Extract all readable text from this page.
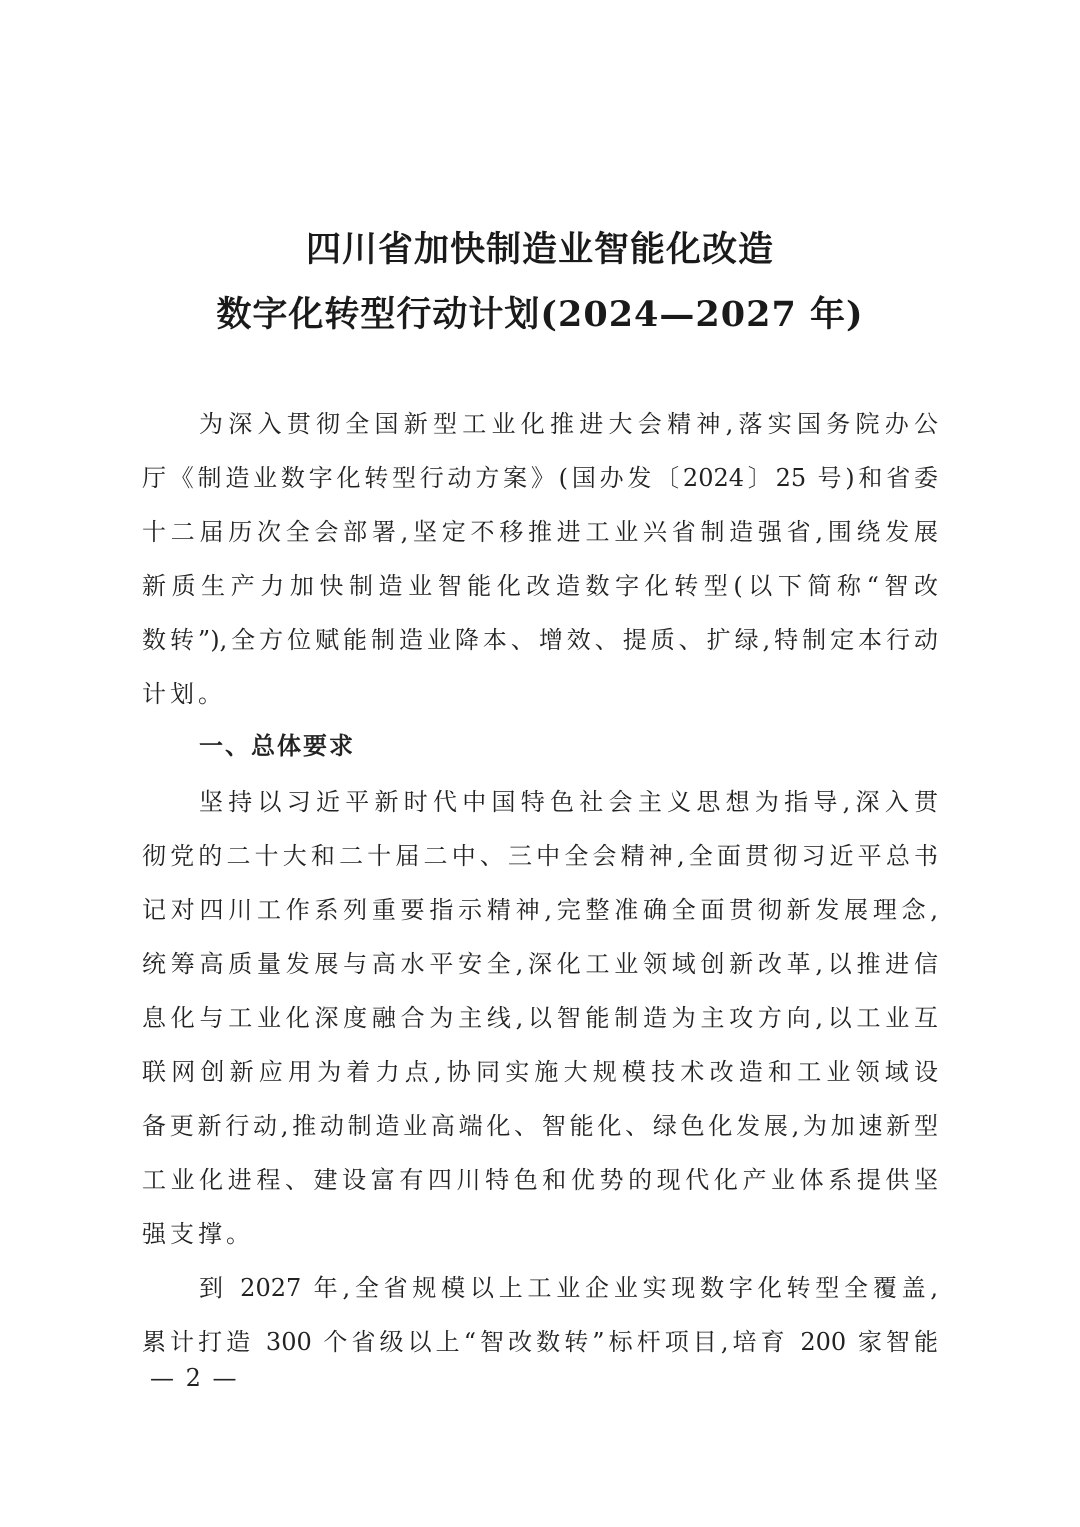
四川省加快制造业智能化改造
数字化转型行动计划(2024—2027 年)
为深入贯彻全国新型工业化推进大会精神,落实国务院办公
厅《制造业数字化转型行动方案》(国办发〔2024〕25 号)和省委
十二届历次全会部署,坚定不移推进工业兴省制造强省,围绕发展
新质生产力加快制造业智能化改造数字化转型(以下简称“智改
数转”),全方位赋能制造业降本、增效、提质、扩绿,特制定本行动
计划。
一、总体要求
坚持以习近平新时代中国特色社会主义思想为指导,深入贯
彻党的二十大和二十届二中、三中全会精神,全面贯彻习近平总书
记对四川工作系列重要指示精神,完整准确全面贯彻新发展理念,
统筹高质量发展与高水平安全,深化工业领域创新改革,以推进信
息化与工业化深度融合为主线,以智能制造为主攻方向,以工业互
联网创新应用为着力点,协同实施大规模技术改造和工业领域设
备更新行动,推动制造业高端化、智能化、绿色化发展,为加速新型
工业化进程、建设富有四川特色和优势的现代化产业体系提供坚
强支撑。
到 2027 年,全省规模以上工业企业实现数字化转型全覆盖,
累计打造 300 个省级以上“智改数转”标杆项目,培育 200 家智能
— 2 —
